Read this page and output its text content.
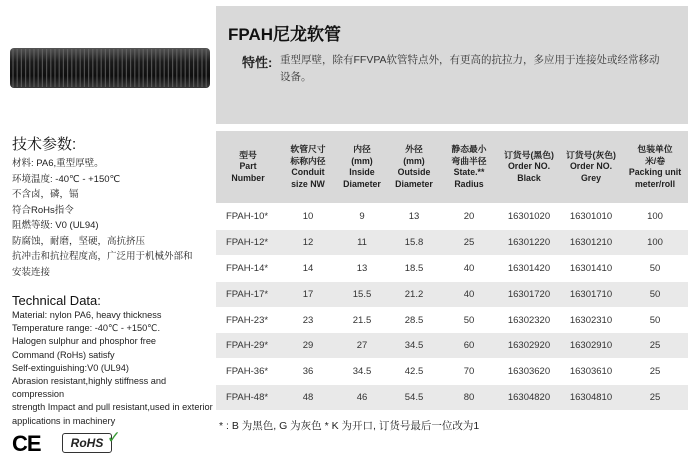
FPAH尼龙软管
特性: 重型厚壁，除有FFVPA软管特点外，有更高的抗拉力，多应用于连接处或经常移动设备。
技术参数:
材料: PA6,重型厚壁。
环境温度: -40℃ - +150℃
不含卤，磷，镉
符合RoHs指令
阻燃等级: V0 (UL94)
防腐蚀，耐磨，坚硬，高抗挤压
抗冲击和抗拉程度高，广泛用于机械外部和
安装连接
Technical Data:
Material: nylon PA6, heavy thickness
Temperature range: -40℃ - +150℃.
Halogen sulphur and phosphor free
Command (RoHs) satisfy
Self-extinguishing:V0 (UL94)
Abrasion resistant,highly stiffness and compression
strength Impact and pull resistant,used in exterior
applications in machinery
CE	RoHS ✓
型号
Part
Number	软管尺寸
标称内径
Conduit
size NW	内径
(mm)
Inside
Diameter	外径
(mm)
Outside
Diameter	静态最小
弯曲半径
State.**
Radius	订货号(黑色)
Order NO.
Black	订货号(灰色)
Order NO.
Grey	包装单位
米/卷
Packing unit
meter/roll
FPAH-10*	10	9	13	20	16301020	16301010	100
FPAH-12*	12	11	15.8	25	16301220	16301210	100
FPAH-14*	14	13	18.5	40	16301420	16301410	50
FPAH-17*	17	15.5	21.2	40	16301720	16301710	50
FPAH-23*	23	21.5	28.5	50	16302320	16302310	50
FPAH-29*	29	27	34.5	60	16302920	16302910	25
FPAH-36*	36	34.5	42.5	70	16303620	16303610	25
FPAH-48*	48	46	54.5	80	16304820	16304810	25
* : B 为黑色, G 为灰色 * K 为开口, 订货号最后一位改为1
